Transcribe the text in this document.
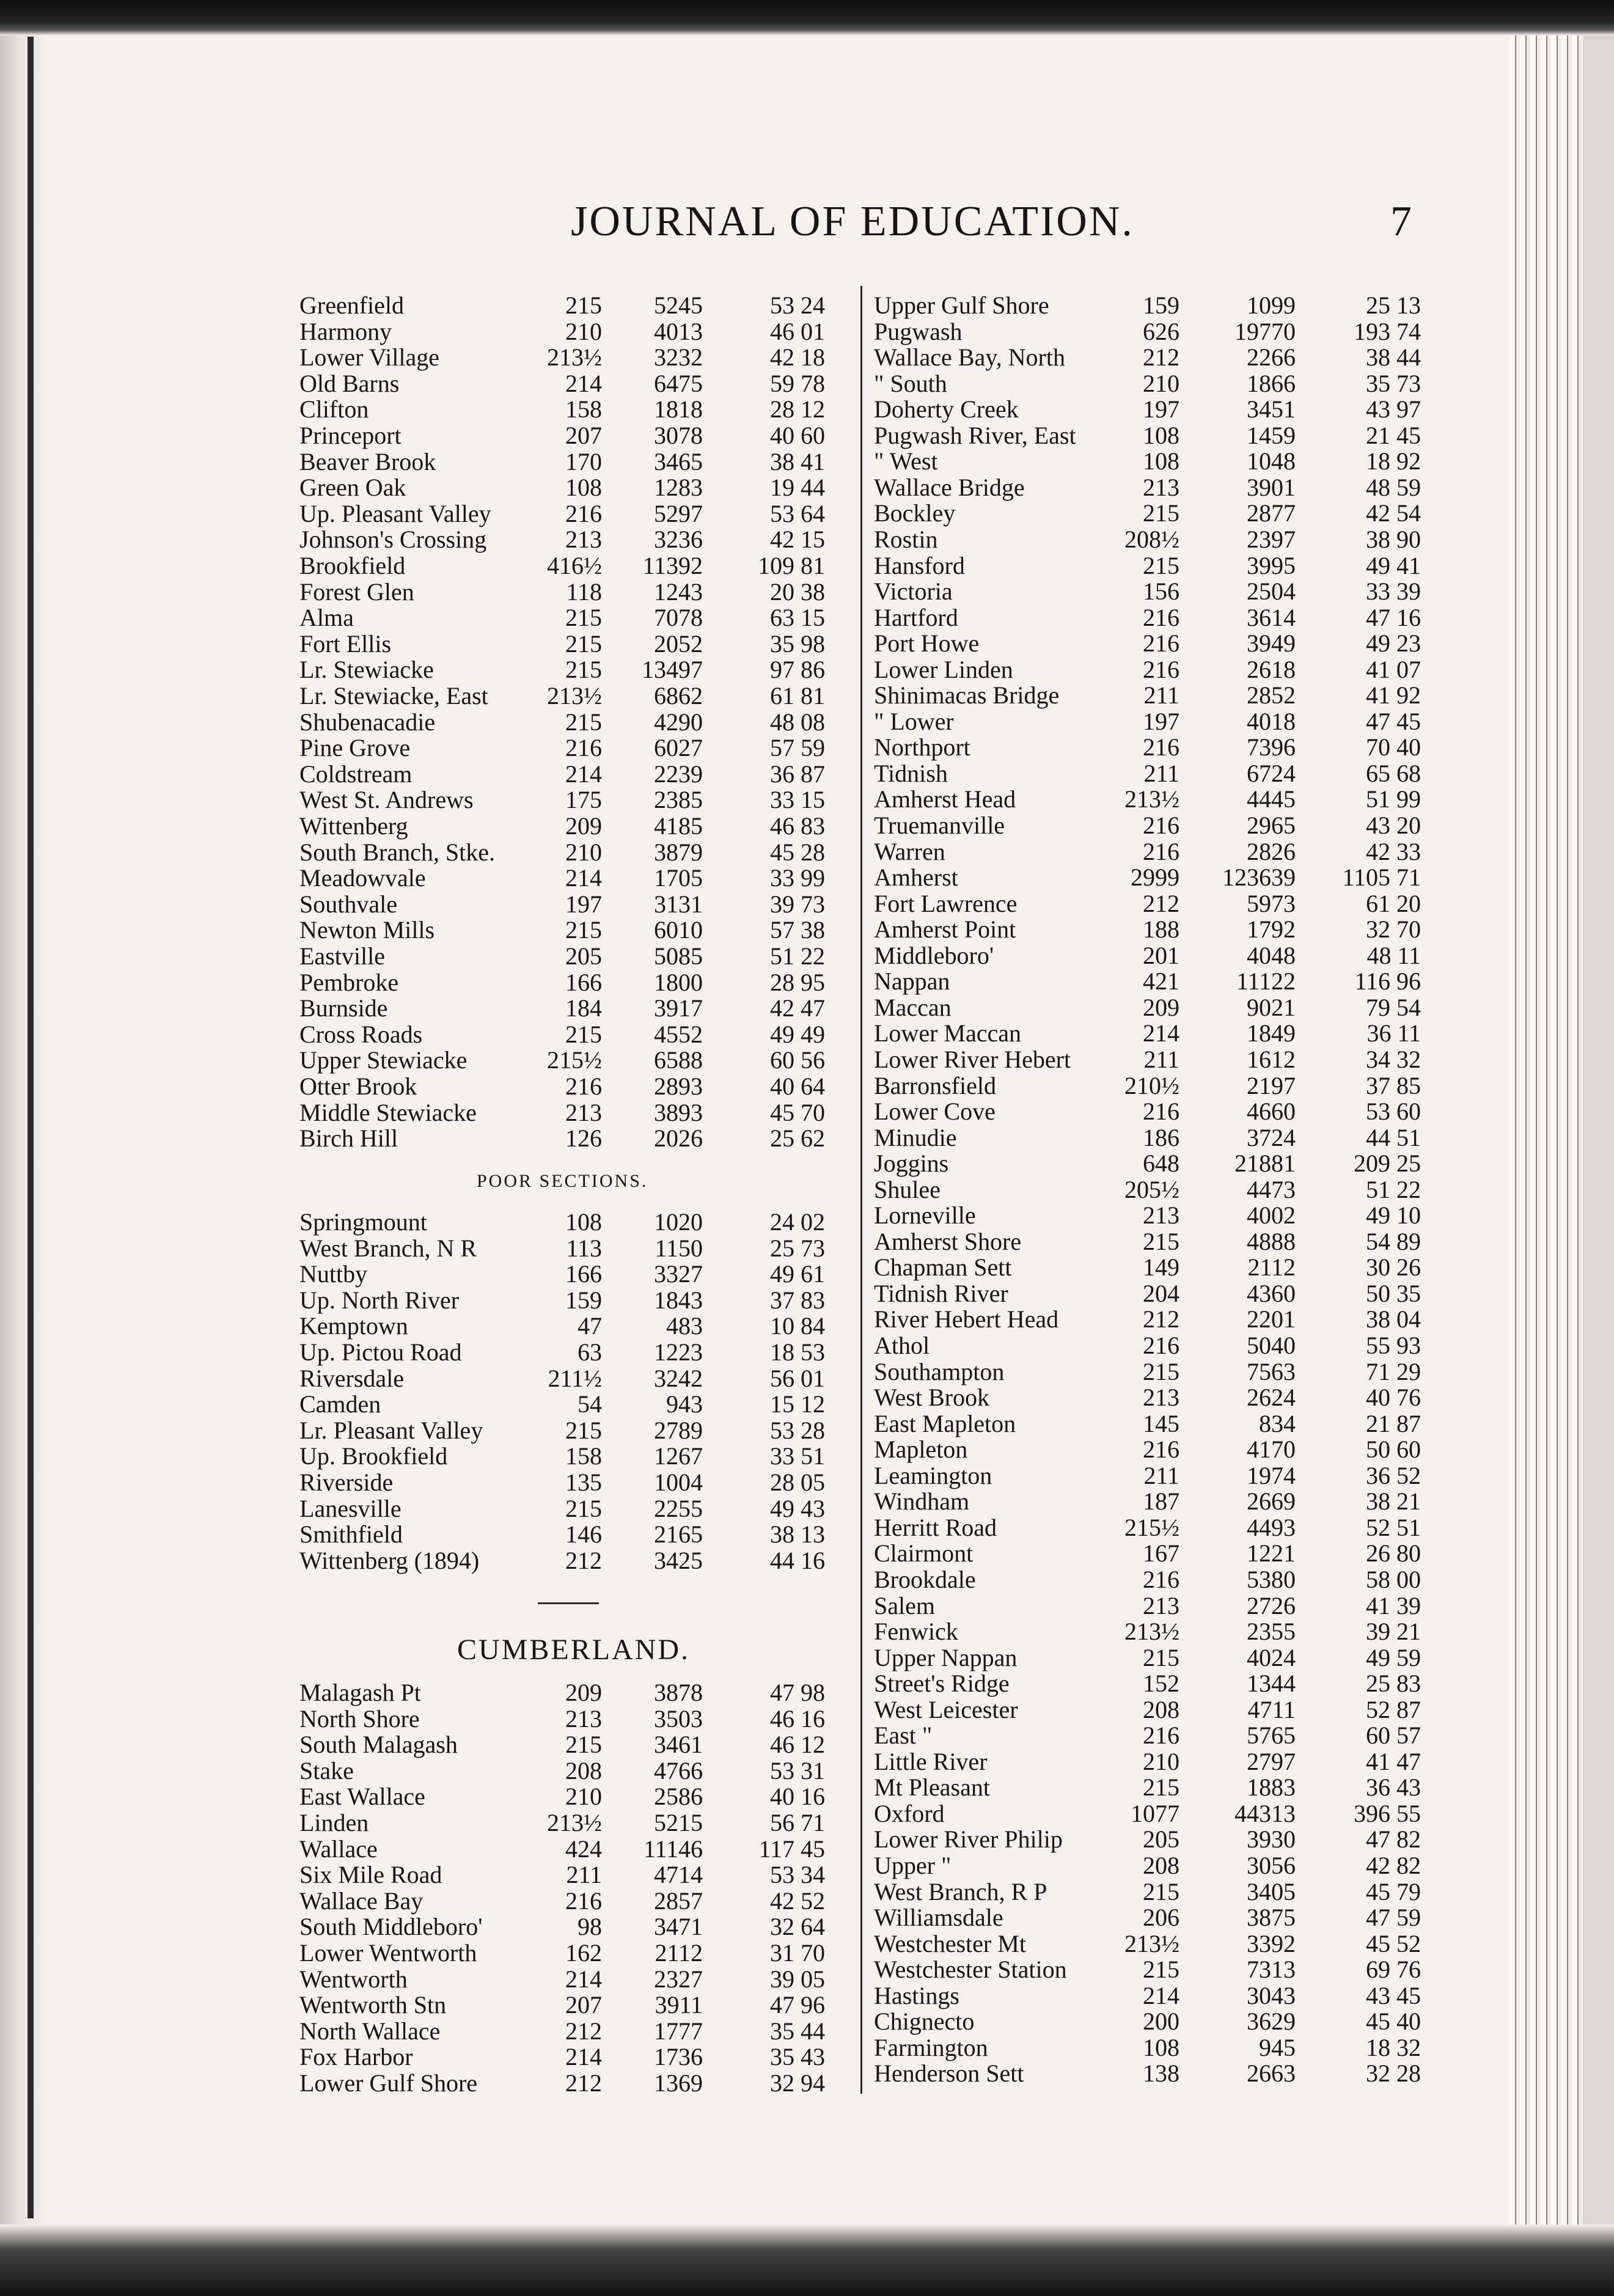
JOURNAL OF EDUCATION.	7
Greenfield	215	5245	53 24
Harmony	210	4013	46 01
Lower Village	213½	3232	42 18
Old Barns	214	6475	59 78
Clifton	158	1818	28 12
Princeport	207	3078	40 60
Beaver Brook	170	3465	38 41
Green Oak	108	1283	19 44
Up. Pleasant Valley	216	5297	53 64
Johnson's Crossing	213	3236	42 15
Brookfield	416½	11392	109 81
Forest Glen	118	1243	20 38
Alma	215	7078	63 15
Fort Ellis	215	2052	35 98
Lr. Stewiacke	215	13497	97 86
Lr. Stewiacke, East 213½	6862	61 81
Shubenacadie	215	4290	48 08
Pine Grove	216	6027	57 59
Coldstream	214	2239	36 87
West St. Andrews	175	2385	33 15
Wittenberg	209	4185	46 83
South Branch, Stke.	210	3879	45 28
Meadowvale	214	1705	33 99
Southvale	197	3131	39 73
Newton Mills	215	6010	57 38
Eastville	205	5085	51 22
Pembroke	166	1800	28 95
Burnside	184	3917	42 47
Cross Roads	215	4552	49 49
Upper Stewiacke	215½	6588	60 56
Otter Brook	216	2893	40 64
Middle Stewiacke	213	3893	45 70
Birch Hill	126	2026	25 62
Springmount	108	1020	24 02
West Branch, N R	113	1150	25 73
Nuttby	166	3327	49 61
Up. North River	159	1843	37 83
Kemptown	47	483	10 84
Up. Pictou Road	63	1223	18 53
Riversdale	211½	3242	56 01
Camden	54	943	15 12
Lr. Pleasant Valley	215	2789	53 28
Up. Brookfield	158	1267	33 51
Riverside	135	1004	28 05
Lanesville	215	2255	49 43
Smithfield	146	2165	38 13
Wittenberg (1894)	212	3425	44 16
Malagash Pt	209	3878	47 98
North Shore	213	3503	46 16
South Malagash	215	3461	46 12
Stake	208	4766	53 31
East Wallace	210	2586	40 16
Linden	213½	5215	56 71
Wallace	424	11146	117 45
Six Mile Road	211	4714	53 34
Wallace Bay	216	2857	42 52
South Middleboro'	98	3471	32 64
Lower Wentworth	162	2112	31 70
Wentworth	214	2327	39 05
Wentworth Stn	207	3911	47 96
North Wallace	212	1777	35 44
Fox Harbor	214	1736	35 43
Lower Gulf Shore	212	1369	32 94
Upper Gulf Shore	159	1099	25 13
Pugwash	626	19770	193 74
Wallace Bay, North	212	2266	38 44
" South	210	1866	35 73
Doherty Creek	197	3451	43 97
Pugwash River, East	108	1459	21 45
" West	108	1048	18 92
Wallace Bridge	213	3901	48 59
Bockley	215	2877	42 54
Rostin	208½	2397	38 90
Hansford	215	3995	49 41
Victoria	156	2504	33 39
Hartford	216	3614	47 16
Port Howe	216	3949	49 23
Lower Linden	216	2618	41 07
Shinimacas Bridge	211	2852	41 92
" Lower	197	4018	47 45
Northport	216	7396	70 40
Tidnish	211	6724	65 68
Amherst Head	213½	4445	51 99
Truemanville	216	2965	43 20
Warren	216	2826	42 33
Amherst	2999	123639	1105 71
Fort Lawrence	212	5973	61 20
Amherst Point	188	1792	32 70
Middleboro'	201	4048	48 11
Nappan	421	11122	116 96
Maccan	209	9021	79 54
Lower Maccan	214	1849	36 11
Lower River Hebert	211	1612	34 32
Barronsfield	210½	2197	37 85
Lower Cove	216	4660	53 60
Minudie	186	3724	44 51
Joggins	648	21881	209 25
Shulee	205½	4473	51 22
Lorneville	213	4002	49 10
Amherst Shore	215	4888	54 89
Chapman Sett	149	2112	30 26
Tidnish River	204	4360	50 35
River Hebert Head	212	2201	38 04
Athol	216	5040	55 93
Southampton	215	7563	71 29
West Brook	213	2624	40 76
East Mapleton	145	834	21 87
Mapleton	216	4170	50 60
Leamington	211	1974	36 52
Windham	187	2669	38 21
Herritt Road	215½	4493	52 51
Clairmont	167	1221	26 80
Brookdale	216	5380	58 00
Salem	213	2726	41 39
Fenwick	213½	2355	39 21
Upper Nappan	215	4024	49 59
Street's Ridge	152	1344	25 83
West Leicester	208	4711	52 87
East "	216	5765	60 57
Little River	210	2797	41 47
Mt Pleasant	215	1883	36 43
Oxford	1077	44313	396 55
Lower River Philip	205	3930	47 82
Upper "	208	3056	42 82
West Branch, R P	215	3405	45 79
Williamsdale	206	3875	47 59
Westchester Mt	213½	3392	45 52
Westchester Station	215	7313	69 76
Hastings	214	3043	43 45
Chignecto	200	3629	45 40
Farmington	108	945	18 32
Henderson Sett	138	2663	32 28
POOR SECTIONS.
CUMBERLAND.
